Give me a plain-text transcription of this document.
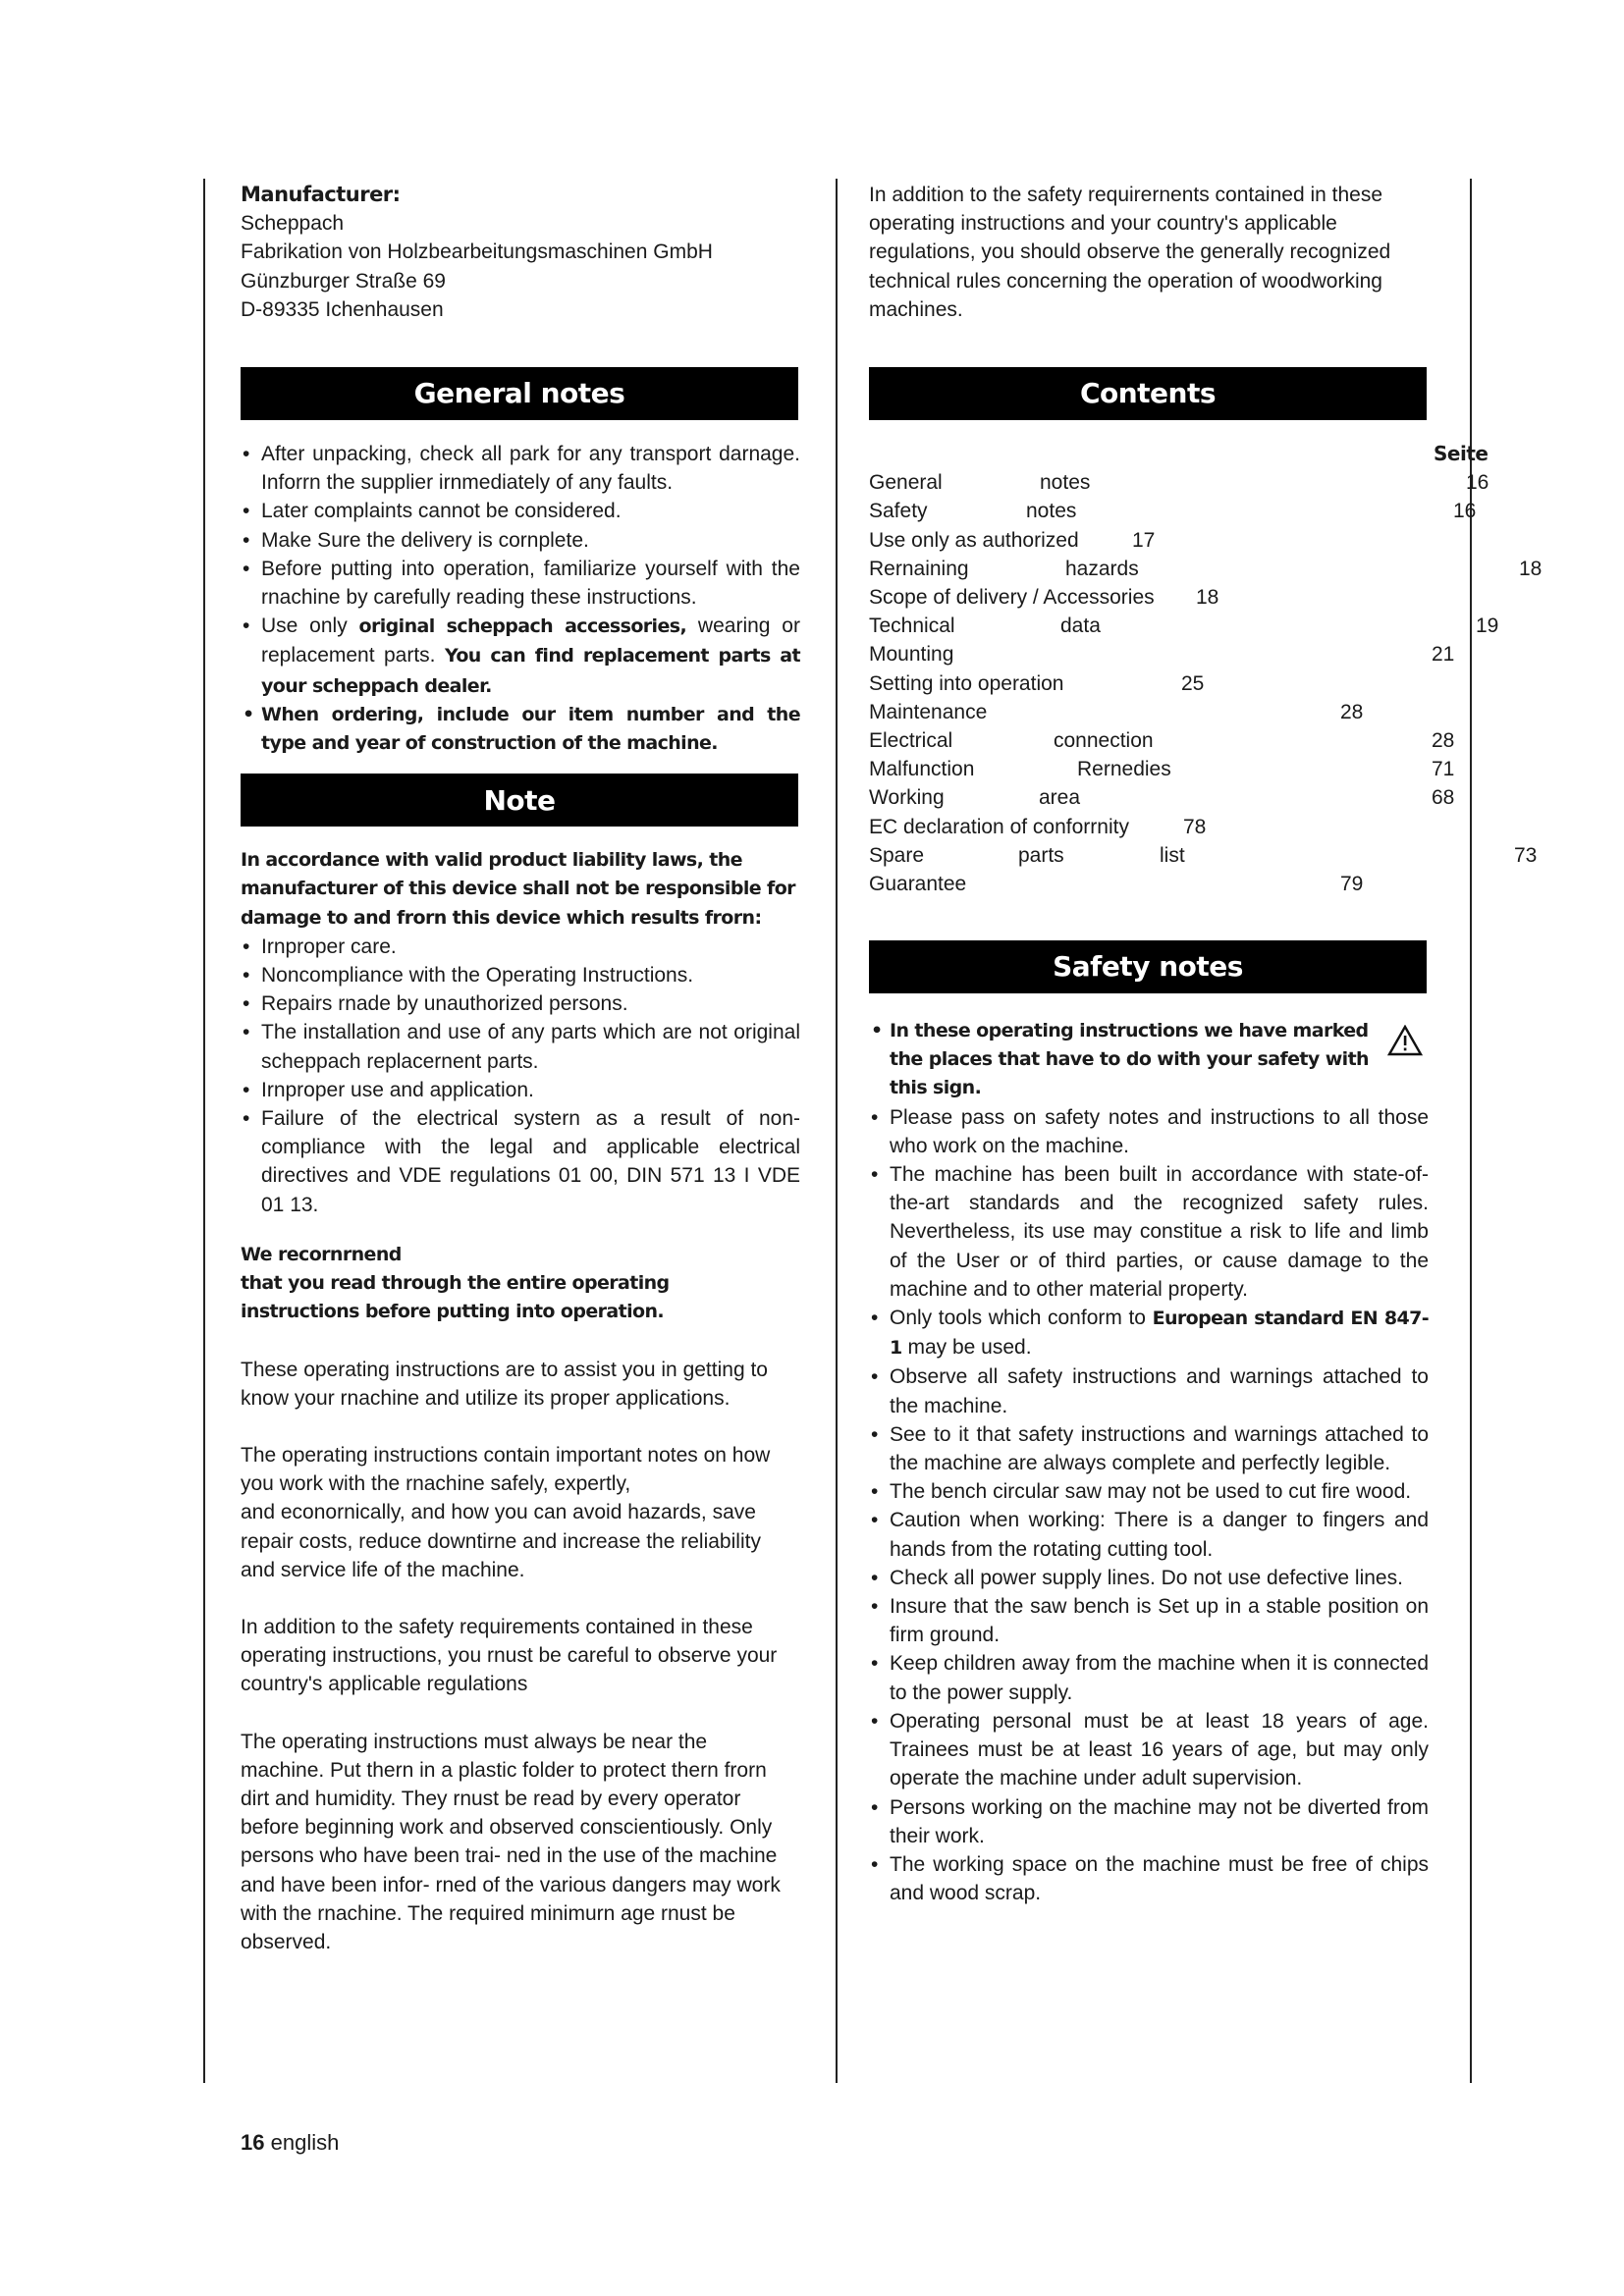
Manufacturer:
Scheppach
Fabrikation von Holzbearbeitungsmaschinen GmbH
Günzburger Straße 69
D-89335 Ichenhausen
General notes
• After unpacking, check all park for any transport darnage. Inforrn the supplier irnmediately of any faults.
• Later complaints cannot be considered.
• Make Sure the delivery is cornplete.
• Before putting into operation, familiarize yourself with the rnachine by carefully reading these instructions.
• Use only original scheppach accessories, wearing or replacement parts. You can find replacement parts at your scheppach dealer.
• When ordering, include our item number and the type and year of construction of the machine.
Note
In accordance with valid product liability laws, the manufacturer of this device shall not be responsible for damage to and frorn this device which results frorn:
• Irnproper care.
• Noncompliance with the Operating Instructions.
• Repairs rnade by unauthorized persons.
• The installation and use of any parts which are not original scheppach replacernent parts.
• Irnproper use and application.
• Failure of the electrical systern as a result of non-compliance with the legal and applicable electrical directives and VDE regulations 01 00, DIN 571 13 I VDE 01 13.
We recornrnend
that you read through the entire operating instructions before putting into operation.

These operating instructions are to assist you in getting to know your rnachine and utilize its proper applications.

The operating instructions contain important notes on how you work with the rnachine safely, expertly,

and econornically, and how you can avoid hazards, save repair costs, reduce downtirne and increase the reliability and service life of the machine.

In addition to the safety requirements contained in these operating instructions, you rnust be careful to observe your country's applicable regulations

The operating instructions must always be near the machine. Put thern in a plastic folder to protect thern frorn dirt and humidity. They rnust be read by every operator before beginning work and observed conscientiously. Only persons who have been trai- ned in the use of the machine and have been infor- rned of the various dangers may work with the rnachine. The required minimurn age rnust be observed.

In addition to the safety requirernents contained in these operating instructions and your country's applicable regulations, you should observe the generally recognized technical rules concerning the operation of woodworking machines.

Contents
Seite
General	notes	16
Safety	notes	16
Use only as authorized	17
Rernaining	hazards	18
Scope of delivery / Accessories 18
Technical	data	19
Mounting	21
Setting into operation	25
Maintenance	28
Electrical	connection	28
Malfunction	Rernedies	71
Working	area	68
EC declaration of conforrnity	78
Spare	parts	list	73
Guarantee	79
Safety notes
• In these operating instructions we have marked the places that have to do with your safety with this sign.
• Please pass on safety notes and instructions to all those who work on the machine.
• The machine has been built in accordance with state-of-the-art standards and the recognized safety rules. Nevertheless, its use may constitue a risk to life and limb of the User or of third parties, or cause damage to the machine and to other material property.
• Only tools which conform to European standard EN 847-1 may be used.
• Observe all safety instructions and warnings attached to the machine.
• See to it that safety instructions and warnings attached to the machine are always complete and perfectly legible.
• The bench circular saw may not be used to cut fire wood.
• Caution when working: There is a danger to fingers and hands from the rotating cutting tool.
• Check all power supply lines. Do not use defective lines.
• Insure that the saw bench is Set up in a stable position on firm ground.
• Keep children away from the machine when it is connected to the power supply.
• Operating personal must be at least 18 years of age. Trainees must be at least 16 years of age, but may only operate the machine under adult supervision.
• Persons working on the machine may not be diverted from their work.
• The working space on the machine must be free of chips and wood scrap.
16 english
